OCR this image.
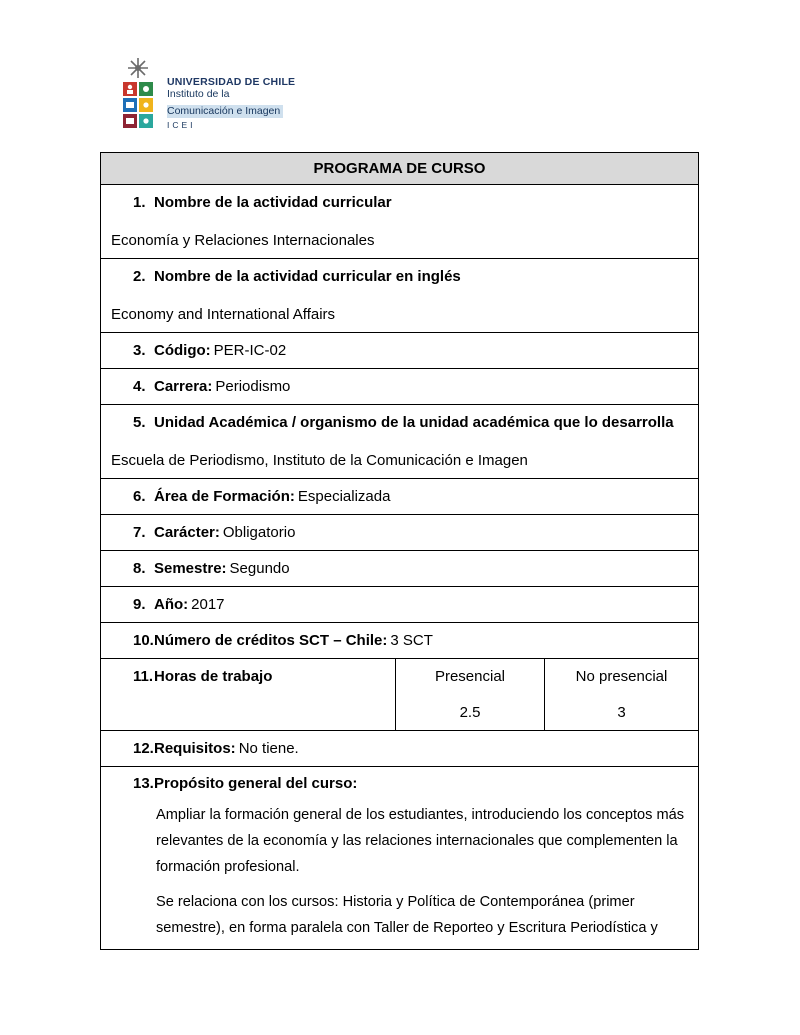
UNIVERSIDAD DE CHILE
Instituto de la
Comunicación e Imagen
ICEI
PROGRAMA DE CURSO
1. Nombre de la actividad curricular
Economía y Relaciones Internacionales
2. Nombre de la actividad curricular en inglés
Economy and International Affairs
3. Código: PER-IC-02
4. Carrera: Periodismo
5. Unidad Académica / organismo de la unidad académica que lo desarrolla
Escuela de Periodismo, Instituto de la Comunicación e Imagen
6. Área de Formación: Especializada
7. Carácter: Obligatorio
8. Semestre: Segundo
9. Año: 2017
10.Número de créditos SCT – Chile: 3 SCT
11.Horas de trabajo	Presencial
2.5
No presencial
3
12.Requisitos: No tiene.
13.Propósito general del curso:
Ampliar la formación general de los estudiantes, introduciendo los conceptos más relevantes de la economía y las relaciones internacionales que complementen la formación profesional.
Se relaciona con los cursos: Historia y Política de Contemporánea (primer semestre), en forma paralela con Taller de Reporteo y Escritura Periodística y
